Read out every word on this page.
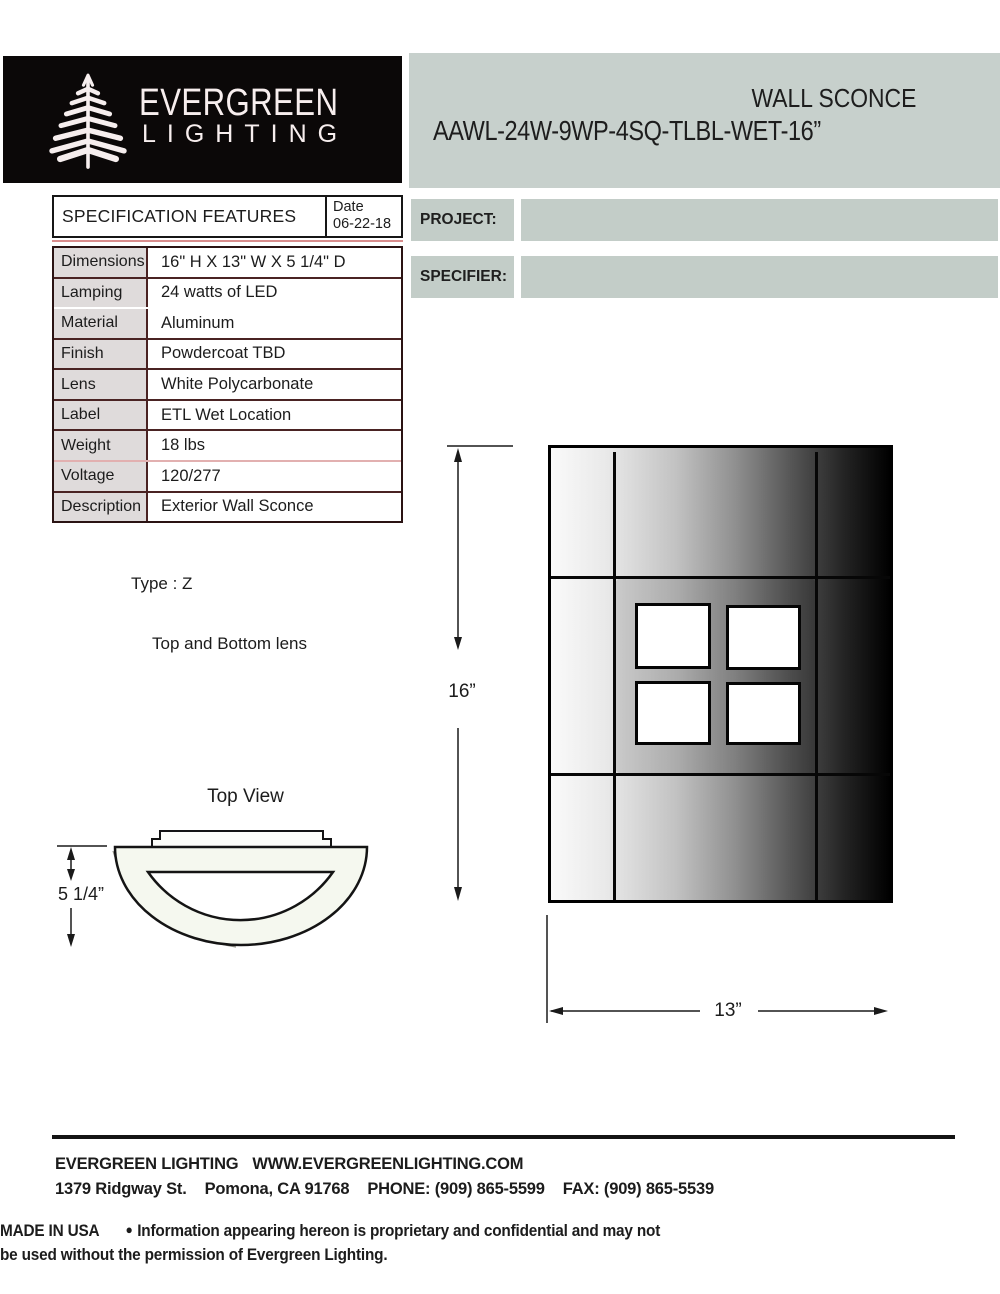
EVERGREEN
LIGHTING
WALL SCONCE
AAWL-24W-9WP-4SQ-TLBL-WET-16”
PROJECT:
SPECIFIER:
SPECIFICATION FEATURES	Date
06-22-18
Dimensions 16" H X 13" W X 5 1/4" D
Lamping	24 watts of LED
Material	Aluminum
Finish	Powdercoat TBD
Lens	White Polycarbonate
Label	ETL Wet Location
Weight	18 lbs
Voltage	120/277
Description	Exterior Wall Sconce
Type : Z
Top and Bottom lens
Top View
5 1/4”
16”
13”
EVERGREEN LIGHTING WWW.EVERGREENLIGHTING.COM
1379 Ridgway St. Pomona, CA 91768 PHONE: (909) 865-5599 FAX: (909) 865-5539
MADE IN USA ● Information appearing hereon is proprietary and confidential and may not
be used without the permission of Evergreen Lighting.
